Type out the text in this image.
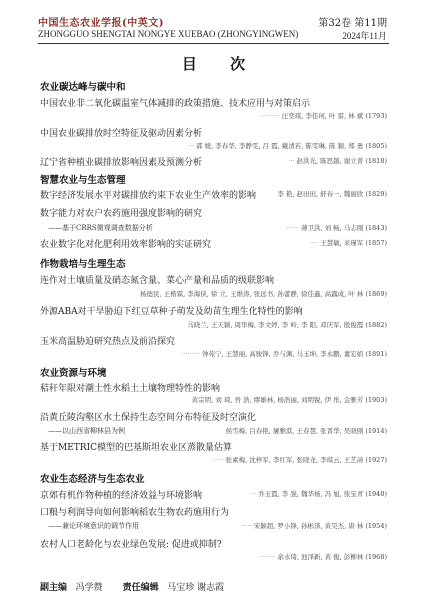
中国生态农业学报(中英文)	第32卷 第11期
ZHONGGUO SHENGTAI NONGYE XUEBAO (ZHONGYINGWEN)	2024年11月
目 次
农业碳达峰与碳中和
中国农业非二氧化碳温室气体减排的政策措施、技术应用与对策启示
········· 汪奕琪, 李佳珂, 叶 雷, 林 斌 (1793)
中国农业碳排放时空特征及驱动因素分析
··· 郭 媛, 李春华, 李静雯, 吕 霞, 戴清若, 陈雯琳, 陈 颖, 郑 勇 (1805)
辽宁省种植业碳排放影响因素及预测分析	··· 赵洪光, 陈思越, 谢立菁 (1818)
智慧农业与生态管理
数字经济发展水平对碳排放约束下农业生产效率的影响	李 艳, 赵田田, 舒春一, 魏丽欣 (1829)
数字能力对农户农药施用强度影响的研究
——基于CRRS微观调查数据分析	······ 薄卫洪, 刘 畅, 马志刚 (1843)
农业数字化对化肥利用效率影响的实证研究	···· 王慧敏, 来瑾军 (1857)
作物栽培与生理生态
连作对土壤质量及硝态氮含量、菜心产量和品质的级联影响
杨德民, 王楷霖, 李海侠, 徐 立, 王维涛, 张远书, 孙蕾静, 徐佳鑫, 高露成, 叶 林 (1869)
外源ABA对干旱胁迫下红豆草种子萌发及幼苗生理生化特性的影响
马晓兰, 王天颖, 周华梅, 李文婷, 李 岭, 李 阳, 邓庆军, 殷俊霞 (1882)
玉米高温胁迫研究热点及前沿探究
········· 钟苑宁, 王慧丽, 高骏锋, 乔与渊, 马玉坤, 李永鹏, 董宏娟 (1891)
农业资源与环境
秸秆年限对潮土性水稻土土壤物理特性的影响
黄宗明, 刘 琦, 吾 浩, 缪雄林, 杨浩丽, 刘明锐, 伊 彤, 金雅芳 (1903)
沿黄丘陵沟壑区水土保持生态空间分布特征及时空演化
——以山西省柳林县为例	侯雪梅, 吕春艳, 屠雅淇, 王春慧, 张晋华, 吴晓刚 (1914)
基于METRIC模型的巴基斯坦农业区蒸散量估算
····· 张素梅, 沈梓军, 李红军, 张晓龙, 李琪云, 王艺菡 (1927)
农业生态经济与生态农业
京郊有机作物种植的经济效益与环境影响	··· 乔玉霞, 李 强, 魏华杨, 冯 旭, 张宝青 (1940)
口粮与利润导向如何影响稻农生物农药施用行为
——兼论环境意识的调节作用	····· 宋颖超, 罗小锋, 孙彬泽, 黄昊杰, 唐 林 (1954)
农村人口老龄化与农业绿色发展: 促进或抑制?
······· 余水琦, 池泽新, 黄 俊, 彭柳林 (1968)
副主编 冯学赞 责任编辑 马宝珍 谢志霞
